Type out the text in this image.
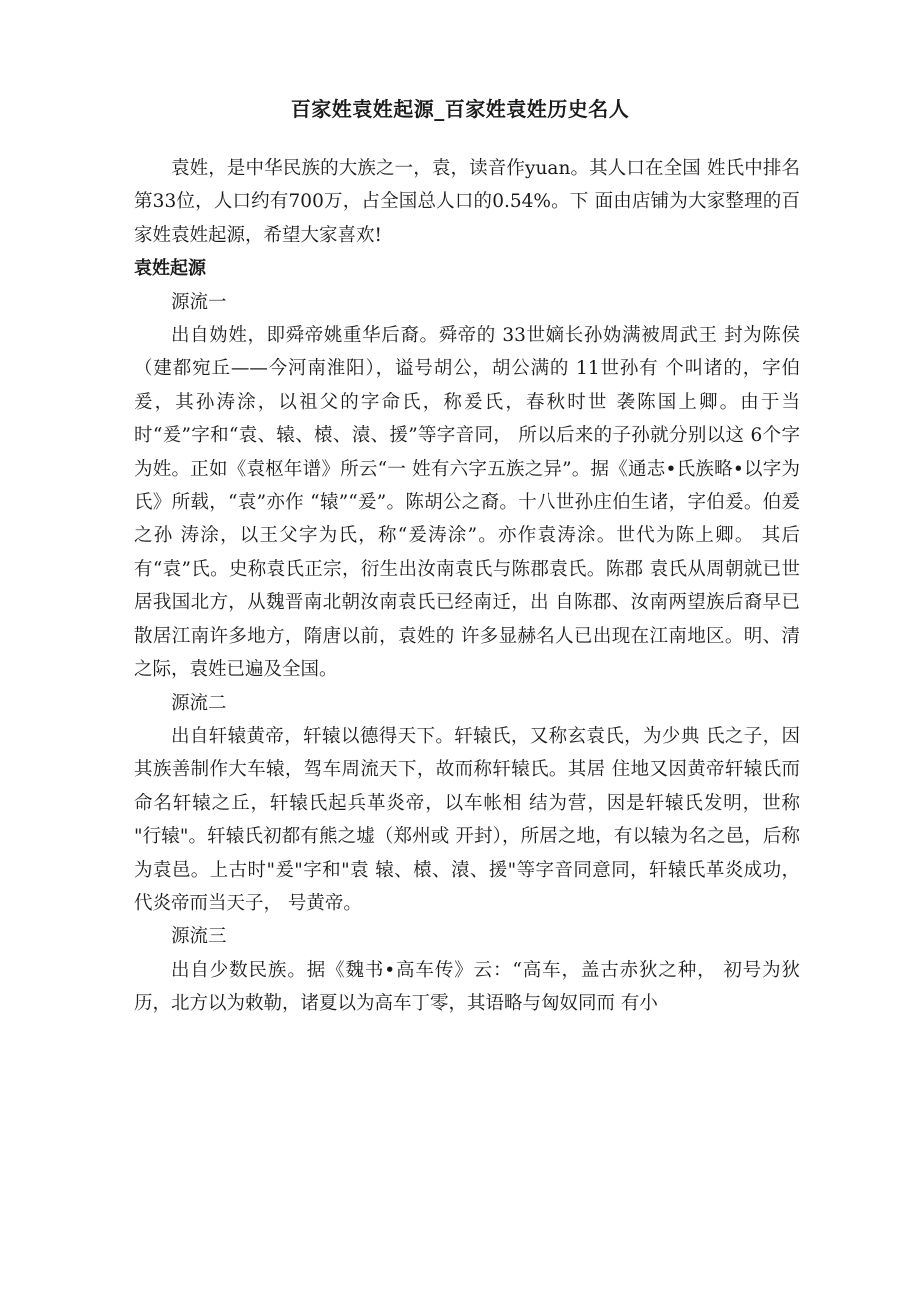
百家姓袁姓起源_百家姓袁姓历史名人

袁姓，是中华民族的大族之一，袁，读音作yuan。其人口在全国 姓氏中排名第33位，人口约有700万，占全国总人口的0.54%。下 面由店铺为大家整理的百家姓袁姓起源，希望大家喜欢!

袁姓起源

源流一

出自妫姓，即舜帝姚重华后裔。舜帝的 33世嫡长孙妫满被周武王 封为陈侯（建都宛丘——今河南淮阳），谥号胡公，胡公满的 11世孙有 个叫诸的，字伯爰，其孙涛涂，以祖父的字命氏，称爰氏，春秋时世 袭陈国上卿。由于当时“爰”字和“袁、辕、榬、溒、援”等字音同， 所以后来的子孙就分别以这 6个字为姓。正如《袁枢年谱》所云“一 姓有六字五族之异”。据《通志•氏族略•以字为氏》所载，“袁”亦作 “辕”“爰”。陈胡公之裔。十八世孙庄伯生诸，字伯爰。伯爰之孙 涛涂，以王父字为氏，称“爰涛涂”。亦作袁涛涂。世代为陈上卿。 其后有“袁”氏。史称袁氏正宗，衍生出汝南袁氏与陈郡袁氏。陈郡 袁氏从周朝就已世居我国北方，从魏晋南北朝汝南袁氏已经南迁，出 自陈郡、汝南两望族后裔早已散居江南许多地方，隋唐以前，袁姓的 许多显赫名人已出现在江南地区。明、清之际，袁姓已遍及全国。

源流二

出自轩辕黄帝，轩辕以德得天下。轩辕氏，又称玄袁氏，为少典 氏之子，因其族善制作大车辕，驾车周流天下，故而称轩辕氏。其居 住地又因黄帝轩辕氏而命名轩辕之丘，轩辕氏起兵革炎帝，以车帐相 结为营，因是轩辕氏发明，世称 "行辕"。轩辕氏初都有熊之墟（郑州或 开封），所居之地，有以辕为名之邑，后称为袁邑。上古时"爰"字和"袁 辕、榬、溒、援"等字音同意同，轩辕氏革炎成功，代炎帝而当天子， 号黄帝。

源流三

出自少数民族。据《魏书•高车传》云：“高车，盖古赤狄之种， 初号为狄历，北方以为敕勒，诸夏以为高车丁零，其语略与匈奴同而 有小
